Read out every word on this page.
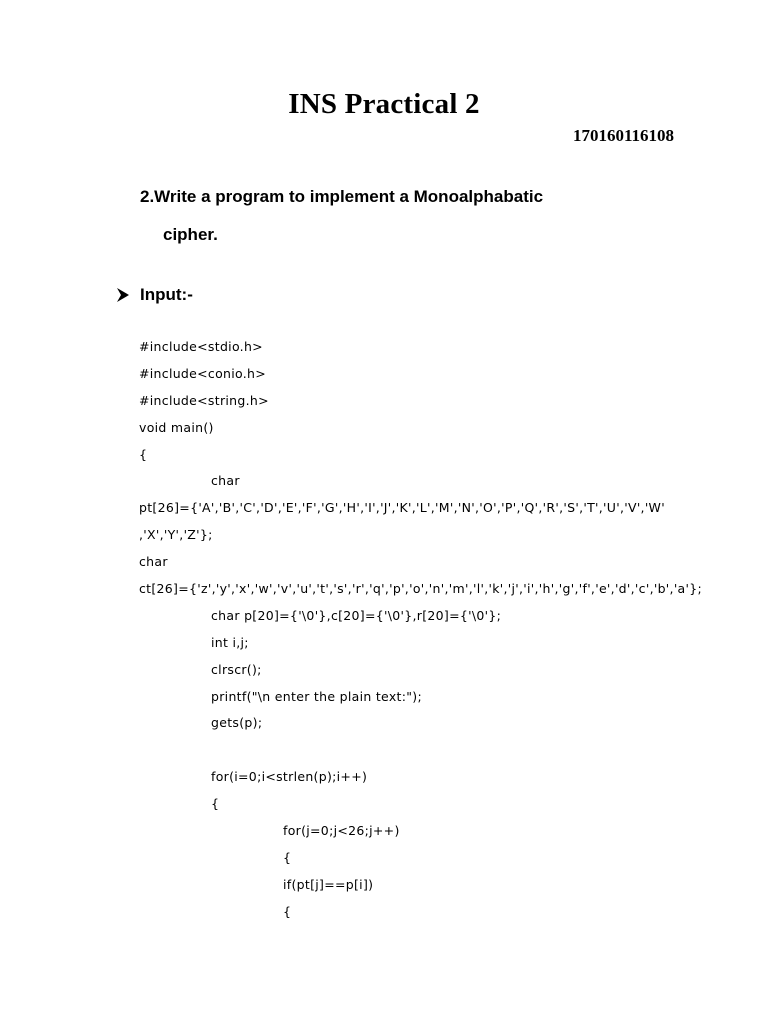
INS Practical 2
170160116108
2.Write a program to implement a Monoalphabatic
cipher.
Input:-
#include<stdio.h>
#include<conio.h>
#include<string.h>
void main()
{
char
pt[26]={'A','B','C','D','E','F','G','H','I','J','K','L','M','N','O','P','Q','R','S','T','U','V','W'
,'X','Y','Z'};
char
ct[26]={'z','y','x','w','v','u','t','s','r','q','p','o','n','m','l','k','j','i','h','g','f','e','d','c','b','a'};
char p[20]={'\0'},c[20]={'\0'},r[20]={'\0'};
int i,j;
clrscr();
printf("\n enter the plain text:");
gets(p);
for(i=0;i<strlen(p);i++)
{
for(j=0;j<26;j++)
{
if(pt[j]==p[i])
{
